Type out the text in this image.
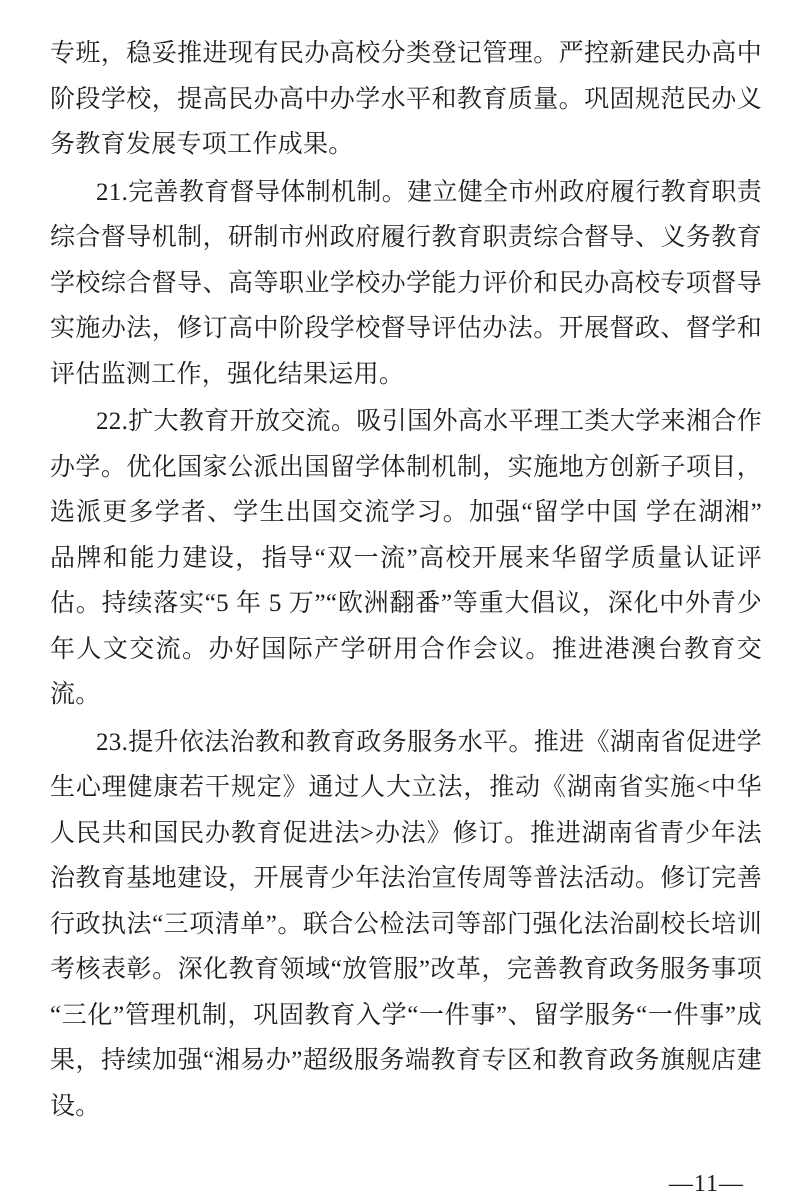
专班，稳妥推进现有民办高校分类登记管理。严控新建民办高中阶段学校，提高民办高中办学水平和教育质量。巩固规范民办义务教育发展专项工作成果。

21.完善教育督导体制机制。建立健全市州政府履行教育职责综合督导机制，研制市州政府履行教育职责综合督导、义务教育学校综合督导、高等职业学校办学能力评价和民办高校专项督导实施办法，修订高中阶段学校督导评估办法。开展督政、督学和评估监测工作，强化结果运用。

22.扩大教育开放交流。吸引国外高水平理工类大学来湘合作办学。优化国家公派出国留学体制机制，实施地方创新子项目，选派更多学者、学生出国交流学习。加强“留学中国 学在湖湘”品牌和能力建设，指导“双一流”高校开展来华留学质量认证评估。持续落实“5 年 5 万”“欧洲翻番”等重大倡议，深化中外青少年人文交流。办好国际产学研用合作会议。推进港澳台教育交流。

23.提升依法治教和教育政务服务水平。推进《湖南省促进学生心理健康若干规定》通过人大立法，推动《湖南省实施<中华人民共和国民办教育促进法>办法》修订。推进湖南省青少年法治教育基地建设，开展青少年法治宣传周等普法活动。修订完善行政执法“三项清单”。联合公检法司等部门强化法治副校长培训考核表彰。深化教育领域“放管服”改革，完善教育政务服务事项“三化”管理机制，巩固教育入学“一件事”、留学服务“一件事”成果，持续加强“湘易办”超级服务端教育专区和教育政务旗舰店建设。

—11—
